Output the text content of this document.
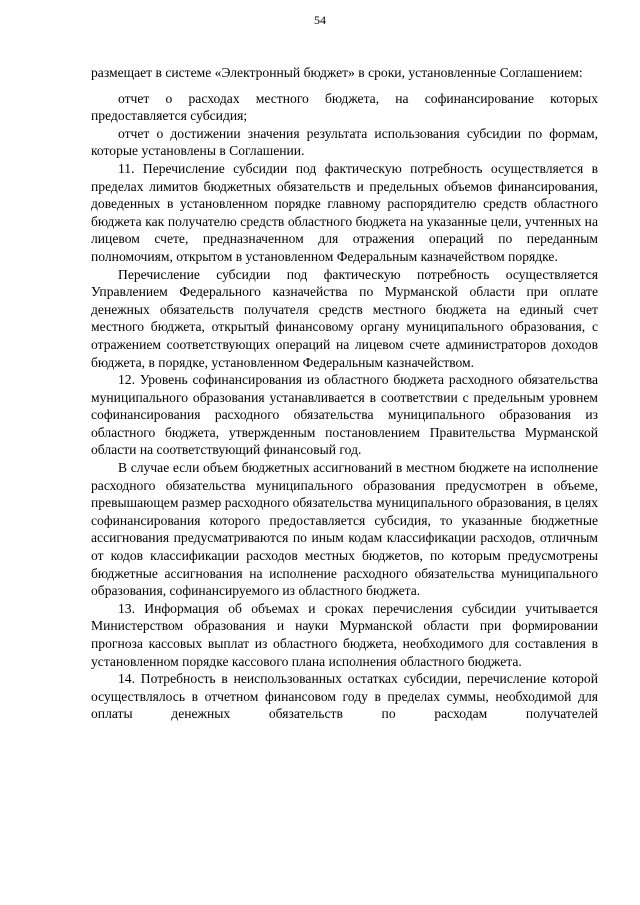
54

размещает в системе «Электронный бюджет» в сроки, установленные Соглашением:

отчет о расходах местного бюджета, на софинансирование которых предоставляется субсидия;

отчет о достижении значения результата использования субсидии по формам, которые установлены в Соглашении.

11. Перечисление субсидии под фактическую потребность осуществляется в пределах лимитов бюджетных обязательств и предельных объемов финансирования, доведенных в установленном порядке главному распорядителю средств областного бюджета как получателю средств областного бюджета на указанные цели, учтенных на лицевом счете, предназначенном для отражения операций по переданным полномочиям, открытом в установленном Федеральным казначейством порядке.

Перечисление субсидии под фактическую потребность осуществляется Управлением Федерального казначейства по Мурманской области при оплате денежных обязательств получателя средств местного бюджета на единый счет местного бюджета, открытый финансовому органу муниципального образования, с отражением соответствующих операций на лицевом счете администраторов доходов бюджета, в порядке, установленном Федеральным казначейством.

12. Уровень софинансирования из областного бюджета расходного обязательства муниципального образования устанавливается в соответствии с предельным уровнем софинансирования расходного обязательства муниципального образования из областного бюджета, утвержденным постановлением Правительства Мурманской области на соответствующий финансовый год.

В случае если объем бюджетных ассигнований в местном бюджете на исполнение расходного обязательства муниципального образования предусмотрен в объеме, превышающем размер расходного обязательства муниципального образования, в целях софинансирования которого предоставляется субсидия, то указанные бюджетные ассигнования предусматриваются по иным кодам классификации расходов, отличным от кодов классификации расходов местных бюджетов, по которым предусмотрены бюджетные ассигнования на исполнение расходного обязательства муниципального образования, софинансируемого из областного бюджета.

13. Информация об объемах и сроках перечисления субсидии учитывается Министерством образования и науки Мурманской области при формировании прогноза кассовых выплат из областного бюджета, необходимого для составления в установленном порядке кассового плана исполнения областного бюджета.

14. Потребность в неиспользованных остатках субсидии, перечисление которой осуществлялось в отчетном финансовом году в пределах суммы, необходимой для оплаты денежных обязательств по расходам получателей
